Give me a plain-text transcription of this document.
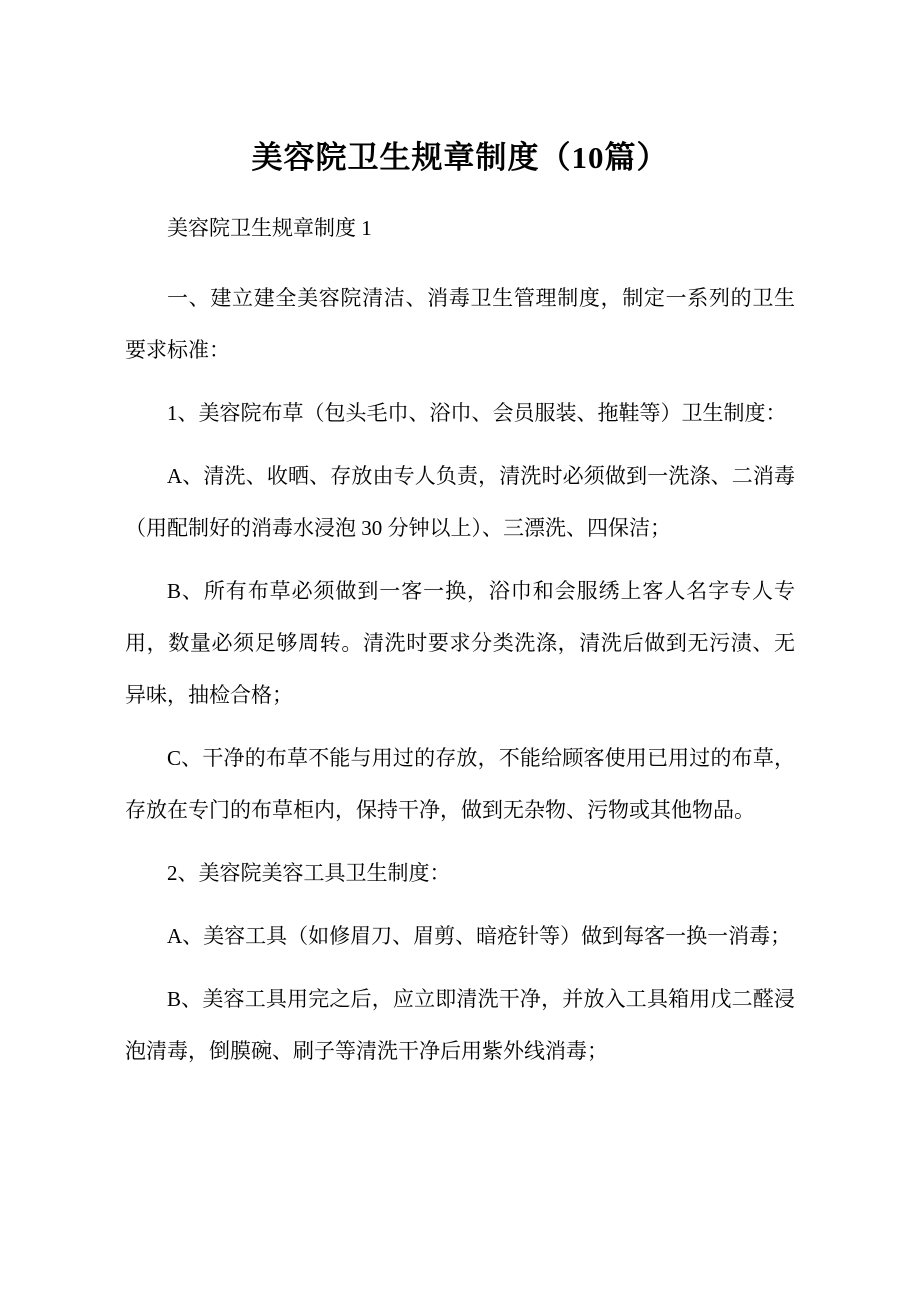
美容院卫生规章制度（10篇）

美容院卫生规章制度 1

一、建立建全美容院清洁、消毒卫生管理制度，制定一系列的卫生要求标准：

1、美容院布草（包头毛巾、浴巾、会员服装、拖鞋等）卫生制度：

A、清洗、收晒、存放由专人负责，清洗时必须做到一洗涤、二消毒（用配制好的消毒水浸泡 30 分钟以上）、三漂洗、四保洁；

B、所有布草必须做到一客一换，浴巾和会服绣上客人名字专人专用，数量必须足够周转。清洗时要求分类洗涤，清洗后做到无污渍、无异味，抽检合格；

C、干净的布草不能与用过的存放，不能给顾客使用已用过的布草，存放在专门的布草柜内，保持干净，做到无杂物、污物或其他物品。

2、美容院美容工具卫生制度：

A、美容工具（如修眉刀、眉剪、暗疮针等）做到每客一换一消毒；

B、美容工具用完之后，应立即清洗干净，并放入工具箱用戊二醛浸泡清毒，倒膜碗、刷子等清洗干净后用紫外线消毒；
